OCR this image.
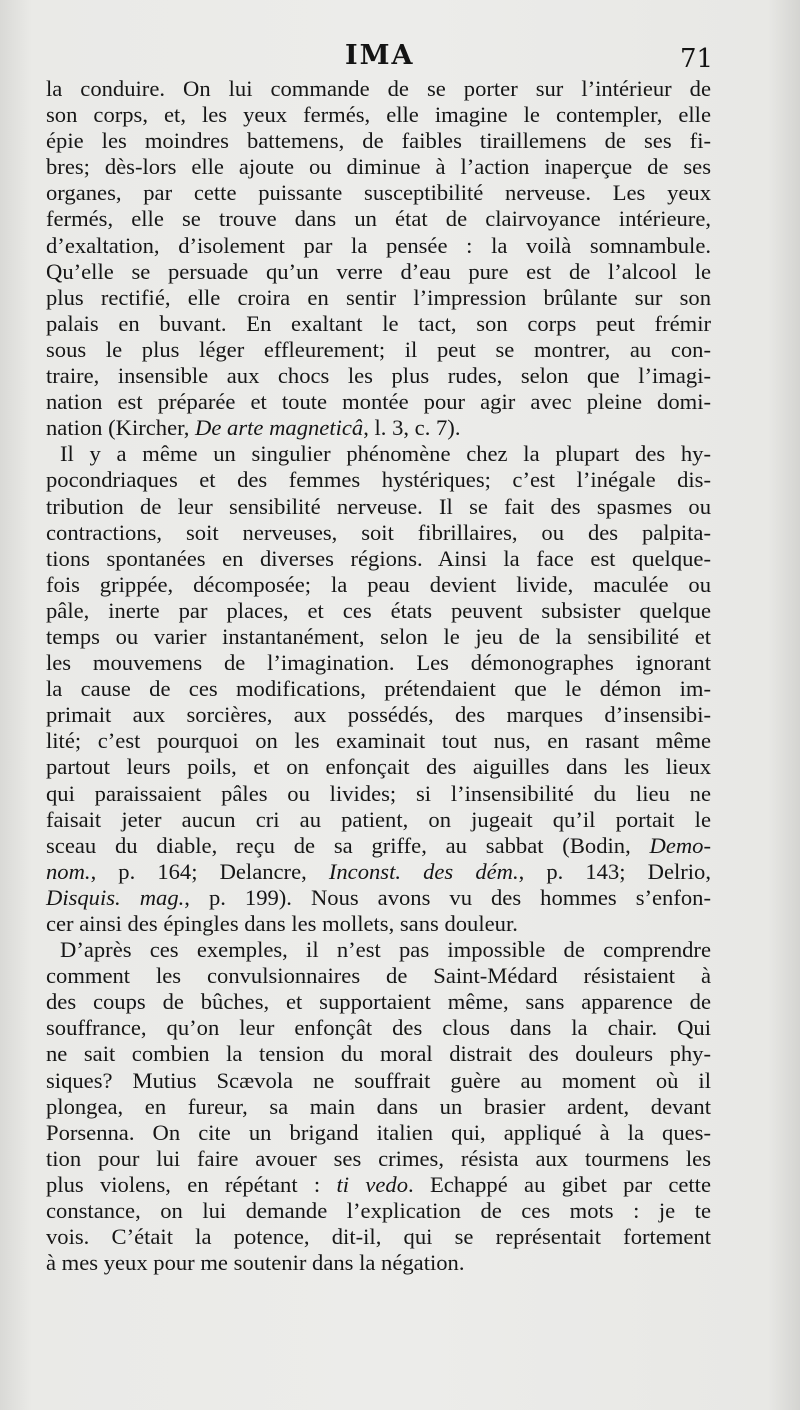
IMA	71
la conduire. On lui commande de se porter sur l’intérieur de
son corps, et, les yeux fermés, elle imagine le contempler, elle
épie les moindres battemens, de faibles tiraillemens de ses fi-
bres; dès-lors elle ajoute ou diminue à l’action inaperçue de ses
organes, par cette puissante susceptibilité nerveuse. Les yeux
fermés, elle se trouve dans un état de clairvoyance intérieure,
d’exaltation, d’isolement par la pensée : la voilà somnambule.
Qu’elle se persuade qu’un verre d’eau pure est de l’alcool le
plus rectifié, elle croira en sentir l’impression brûlante sur son
palais en buvant. En exaltant le tact, son corps peut frémir
sous le plus léger effleurement; il peut se montrer, au con-
traire, insensible aux chocs les plus rudes, selon que l’imagi-
nation est préparée et toute montée pour agir avec pleine domi-
nation (Kircher, De arte magneticâ, l. 3, c. 7).
Il y a même un singulier phénomène chez la plupart des hy-
pocondriaques et des femmes hystériques; c’est l’inégale dis-
tribution de leur sensibilité nerveuse. Il se fait des spasmes ou
contractions, soit nerveuses, soit fibrillaires, ou des palpita-
tions spontanées en diverses régions. Ainsi la face est quelque-
fois grippée, décomposée; la peau devient livide, maculée ou
pâle, inerte par places, et ces états peuvent subsister quelque
temps ou varier instantanément, selon le jeu de la sensibilité et
les mouvemens de l’imagination. Les démonographes ignorant
la cause de ces modifications, prétendaient que le démon im-
primait aux sorcières, aux possédés, des marques d’insensibi-
lité; c’est pourquoi on les examinait tout nus, en rasant même
partout leurs poils, et on enfonçait des aiguilles dans les lieux
qui paraissaient pâles ou livides; si l’insensibilité du lieu ne
faisait jeter aucun cri au patient, on jugeait qu’il portait le
sceau du diable, reçu de sa griffe, au sabbat (Bodin, Demo-
nom., p. 164; Delancre, Inconst. des dém., p. 143; Delrio,
Disquis. mag., p. 199). Nous avons vu des hommes s’enfon-
cer ainsi des épingles dans les mollets, sans douleur.
D’après ces exemples, il n’est pas impossible de comprendre
comment les convulsionnaires de Saint-Médard résistaient à
des coups de bûches, et supportaient même, sans apparence de
souffrance, qu’on leur enfonçât des clous dans la chair. Qui
ne sait combien la tension du moral distrait des douleurs phy-
siques? Mutius Scævola ne souffrait guère au moment où il
plongea, en fureur, sa main dans un brasier ardent, devant
Porsenna. On cite un brigand italien qui, appliqué à la ques-
tion pour lui faire avouer ses crimes, résista aux tourmens les
plus violens, en répétant : ti vedo. Echappé au gibet par cette
constance, on lui demande l’explication de ces mots : je te
vois. C’était la potence, dit-il, qui se représentait fortement
à mes yeux pour me soutenir dans la négation.
